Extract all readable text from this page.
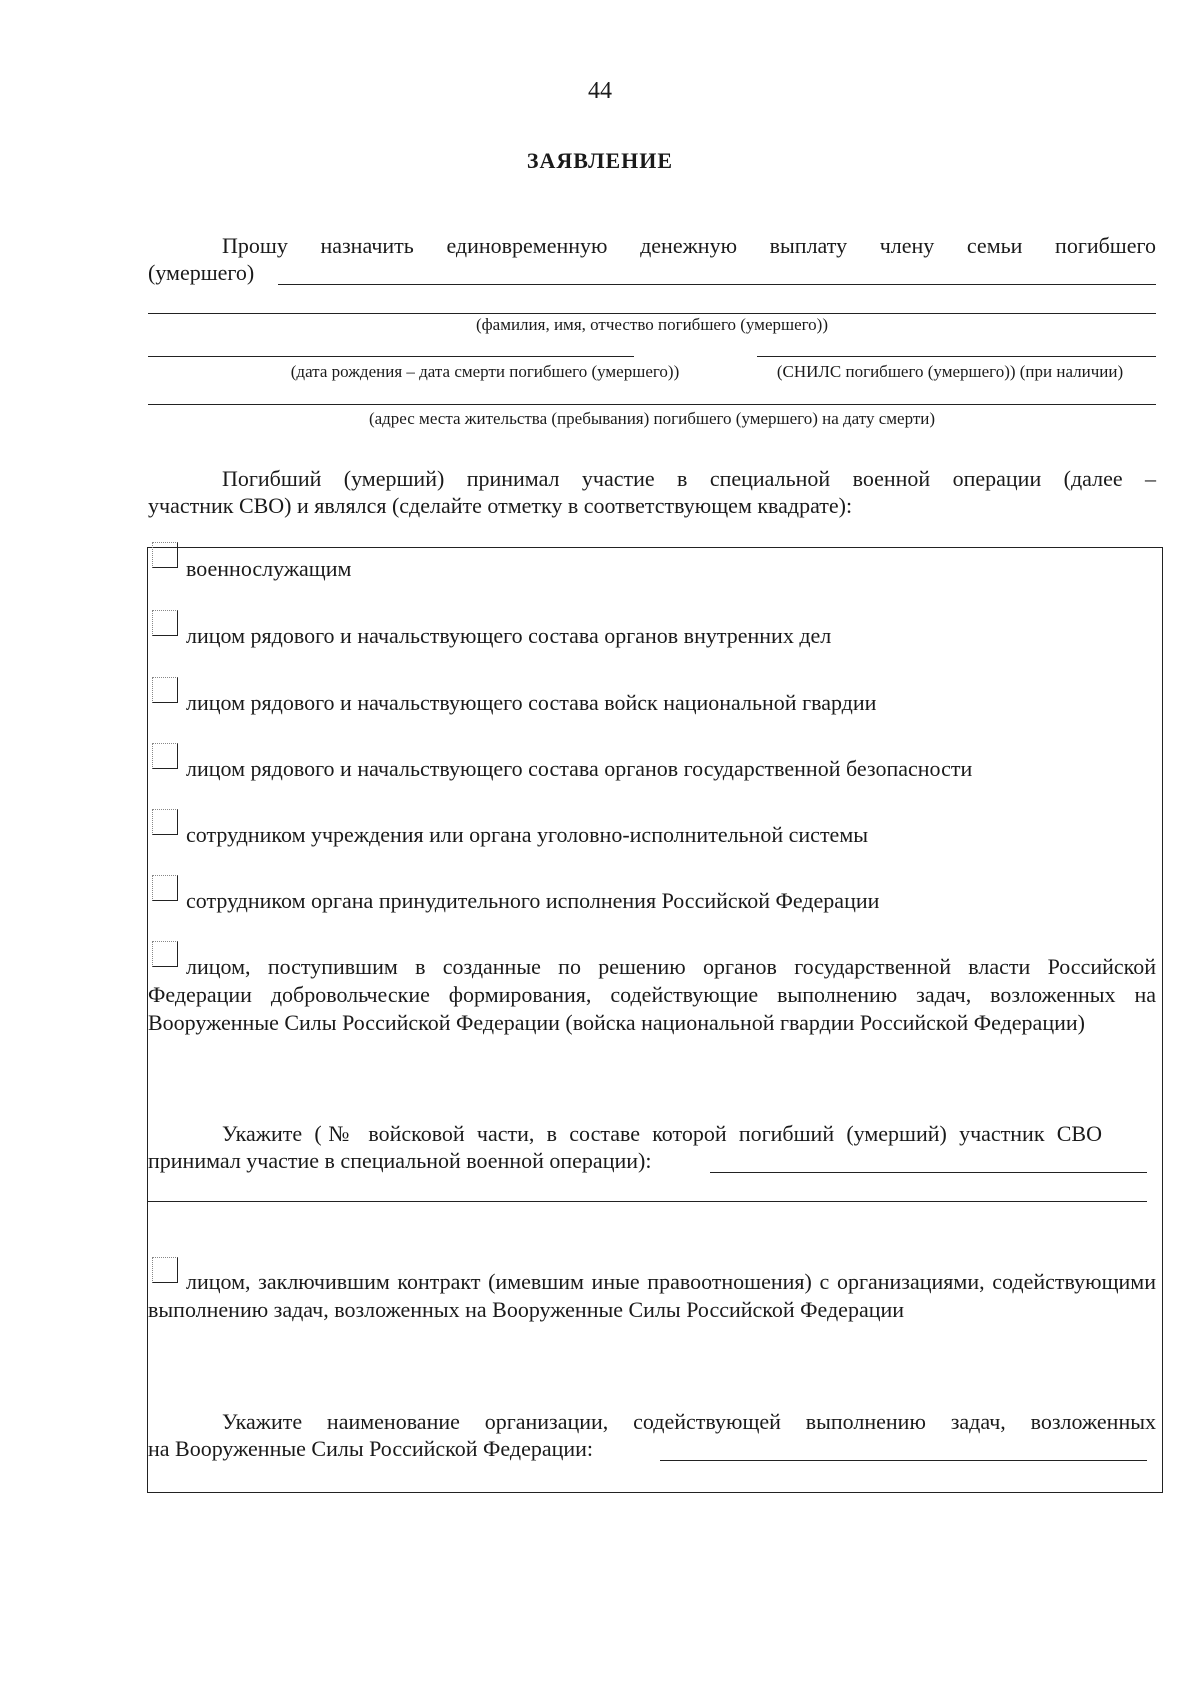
44
ЗАЯВЛЕНИЕ
Прошу назначить единовременную денежную выплату члену семьи погибшего
(умершего)
(фамилия, имя, отчество погибшего (умершего))
(дата рождения – дата смерти погибшего (умершего))	(СНИЛС погибшего (умершего)) (при наличии)
(адрес места жительства (пребывания) погибшего (умершего) на дату смерти)
Погибший (умерший) принимал участие в специальной военной операции (далее –
участник СВО) и являлся (сделайте отметку в соответствующем квадрате):
военнослужащим
лицом рядового и начальствующего состава органов внутренних дел
лицом рядового и начальствующего состава войск национальной гвардии
лицом рядового и начальствующего состава органов государственной безопасности
сотрудником учреждения или органа уголовно-исполнительной системы
сотрудником органа принудительного исполнения Российской Федерации
лицом, поступившим в созданные по решению органов государственной власти Российской Федерации добровольческие формирования, содействующие выполнению задач, возложенных на Вооруженные Силы Российской Федерации (войска национальной гвардии Российской Федерации)
Укажите (№ войсковой части, в составе которой погибший (умерший) участник СВО
принимал участие в специальной военной операции):
лицом, заключившим контракт (имевшим иные правоотношения) с организациями, содействующими выполнению задач, возложенных на Вооруженные Силы Российской Федерации
Укажите наименование организации, содействующей выполнению задач, возложенных
на Вооруженные Силы Российской Федерации:
